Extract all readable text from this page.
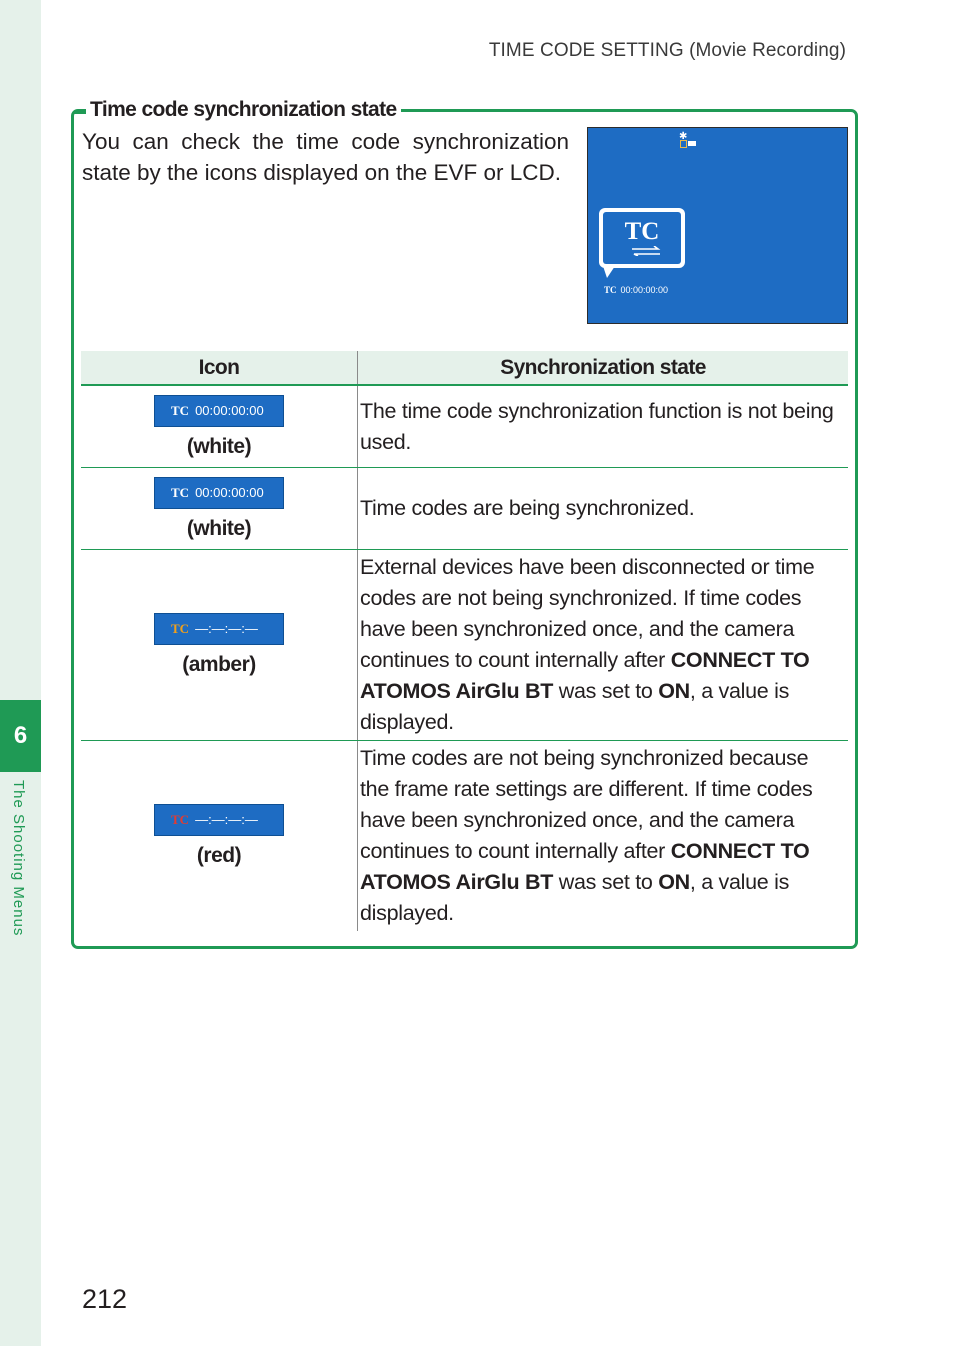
6
The Shooting Menus
TIME CODE SETTING (Movie Recording)
Time code synchronization state
You can check the time code synchronization state by the icons displayed on the EVF or LCD.
✱
TC
TC 00:00:00:00
Icon	Synchronization state
TC 00:00:00:00
(white)	The time code synchronization function is not being used.
TC 00:00:00:00
(white)	Time codes are being synchronized.
TC —:—:—:—
(amber)	External devices have been disconnected or time codes are not being synchronized. If time codes have been synchronized once, and the camera continues to count internally after CONNECT TO ATOMOS AirGlu BT was set to ON, a value is displayed.
TC —:—:—:—
(red)	Time codes are not being synchronized because the frame rate settings are different. If time codes have been synchronized once, and the camera continues to count internally after CONNECT TO ATOMOS AirGlu BT was set to ON, a value is displayed.
212
